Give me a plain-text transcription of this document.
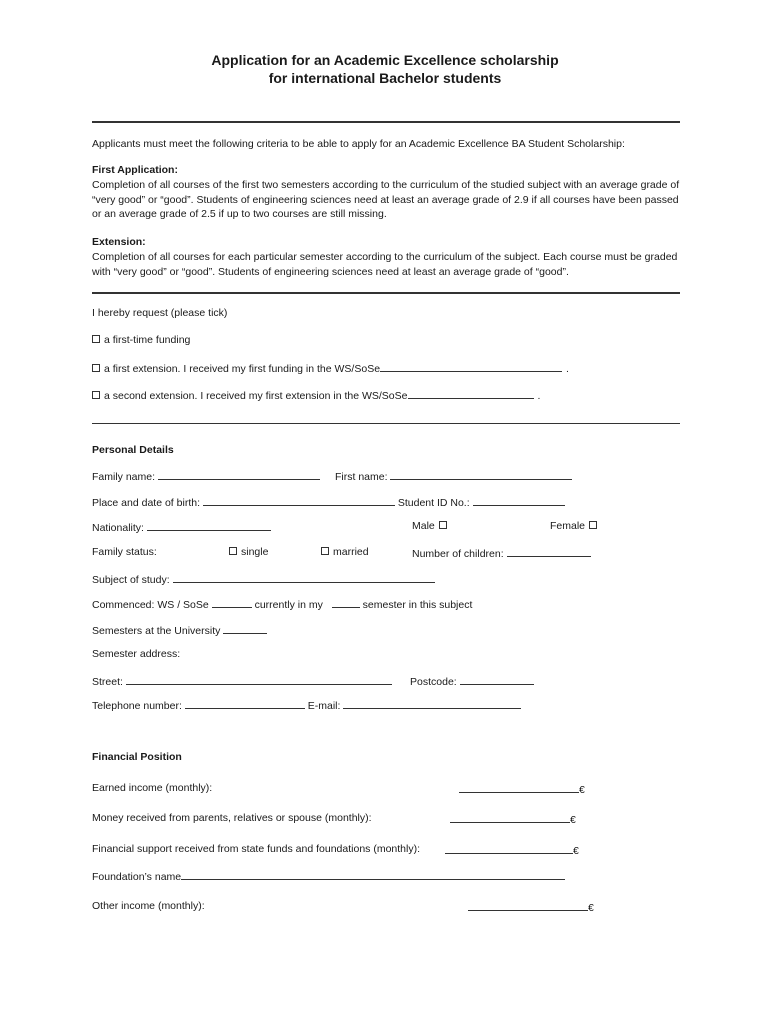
Application for an Academic Excellence scholarship
for international Bachelor students
Applicants must meet the following criteria to be able to apply for an Academic Excellence BA Student Scholarship:
First Application:
Completion of all courses of the first two semesters according to the curriculum of the studied subject with an average grade of “very good” or “good”. Students of engineering sciences need at least an average grade of 2.9 if all courses have been passed or an average grade of 2.5 if up to two courses are still missing.
Extension:
Completion of all courses for each particular semester according to the curriculum of the subject. Each course must be graded with “very good” or “good”. Students of engineering sciences need at least an average grade of “good”.
I hereby request (please tick)
a first-time funding
a first extension. I received my first funding in the WS/SoSe	.
a second extension. I received my first extension in the WS/SoSe	.
Personal Details
Family name:	First name:
Place and date of birth:	Student ID No.:
Nationality:	Male	Female
Family status:	single	married	Number of children:
Subject of study:
Commenced: WS / SoSe	currently in my	semester in this subject
Semesters at the University
Semester address:
Street:	Postcode:
Telephone number:	E-mail:
Financial Position
Earned income (monthly):	€
Money received from parents, relatives or spouse (monthly):	€
Financial support received from state funds and foundations (monthly):	€
Foundation’s name
Other income (monthly):	€
